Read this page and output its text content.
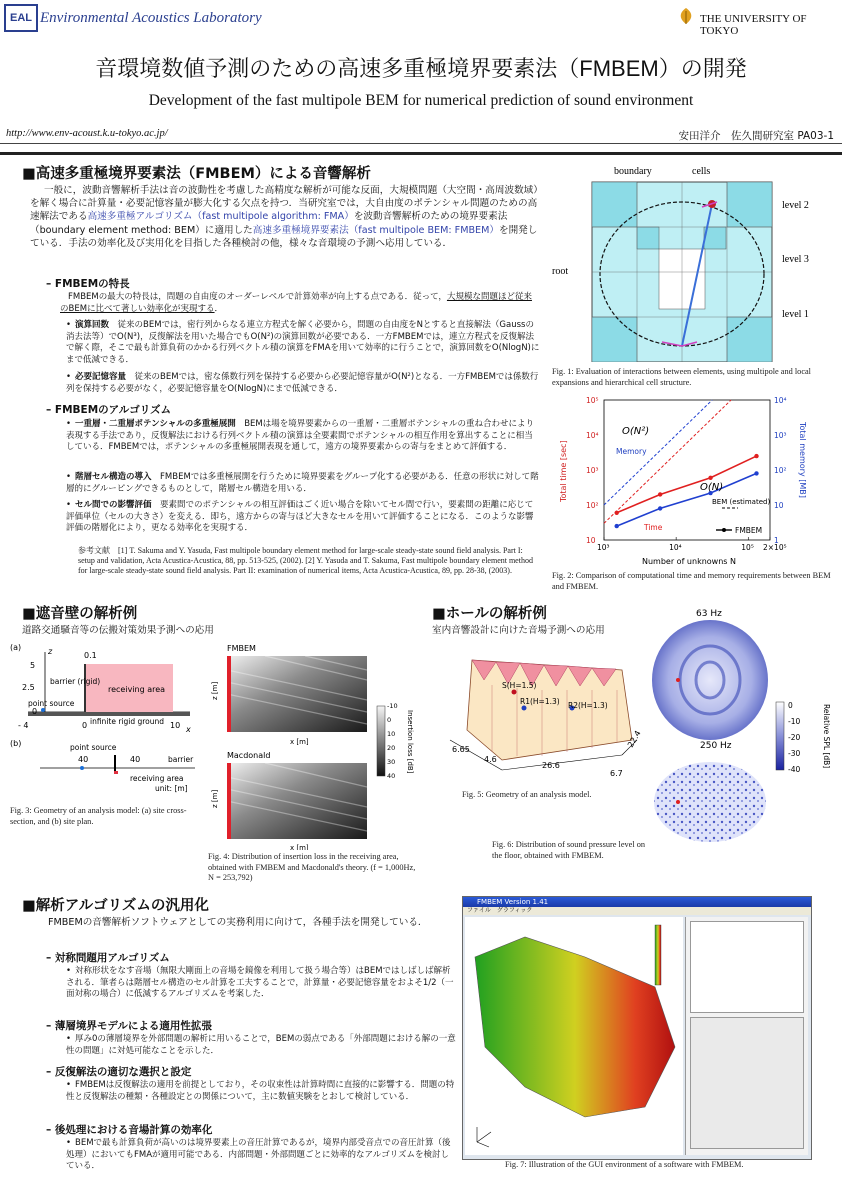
EAL Environmental Acoustics Laboratory	THE UNIVERSITY OF TOKYO
音環境数値予測のための高速多重極境界要素法（FMBEM）の開発
Development of the fast multipole BEM for numerical prediction of sound environment
http://www.env-acoust.k.u-tokyo.ac.jp/	安田洋介　佐久間研究室 PA03-1
■高速多重極境界要素法（FMBEM）による音響解析
一般に，波動音響解析手法は音の波動性を考慮した高精度な解析が可能な反面，大規模問題（大空間・高周波数域）を解く場合に計算量・必要記憶容量が膨大化する欠点を持つ．当研究室では，大自由度のポテンシャル問題のための高速解法である高速多重極アルゴリズム（fast multipole algorithm: FMA）を波動音響解析のための境界要素法（boundary element method: BEM）に適用した高速多重極境界要素法（fast multipole BEM: FMBEM）を開発している．手法の効率化及び実用化を目指した各種検討の他，様々な音環境の予測へ応用している．
– FMBEMの特長
FMBEMの最大の特長は，問題の自由度のオーダーレベルで計算効率が向上する点である．従って，大規模な問題ほど従来のBEMに比べて著しい効率化が実現する．
• 演算回数　 従来のBEMでは，密行列からなる連立方程式を解く必要から，問題の自由度をNとすると直接解法（Gaussの消去法等）でO(N³)，反復解法を用いた場合でもO(N²)の演算回数が必要である．一方FMBEMでは，連立方程式を反復解法で解く際，そこで最も計算負荷のかかる行列ベクトル積の演算をFMAを用いて効率的に行うことで，演算回数をO(NlogN)にまで低減できる．
• 必要記憶容量　 従来のBEMでは，密な係数行列を保持する必要から必要記憶容量がO(N²)となる．一方FMBEMでは係数行列を保持する必要がなく，必要記憶容量をO(NlogN)にまで低減できる．
– FMBEMのアルゴリズム
• 一重層・二重層ポテンシャルの多重極展開　 BEMは場を境界要素からの一重層・二重層ポテンシャルの重ね合わせにより表現する手法であり，反復解法における行列ベクトル積の演算は全要素間でポテンシャルの相互作用を算出することに相当している．FMBEMでは，ポテンシャルの多重極展開表現を通して，遠方の境界要素からの寄与をまとめて評価する．
• 階層セル構造の導入　 FMBEMでは多重極展開を行うために境界要素をグループ化する必要がある．任意の形状に対して階層的にグルーピングできるものとして，階層セル構造を用いる．
• セル間での影響評価　 要素間でのポテンシャルの相互評価はごく近い場合を除いてセル間で行い，要素間の距離に応じて評価単位（セルの大きさ）を変える．即ち，遠方からの寄与ほど大きなセルを用いて評価することになる．このような影響評価の階層化により，更なる効率化を実現する．
参考文献　[1] T. Sakuma and Y. Yasuda, Fast multipole boundary element method for large-scale steady-state sound field analysis. Part I: setup and validation, Acta Acustica-Acustica, 88, pp. 513-525, (2002). [2] Y. Yasuda and T. Sakuma, Fast multipole boundary element method for large-scale steady-state sound field analysis. Part II: examination of numerical items, Acta Acustica-Acustica, 89, pp. 28-38, (2003).
boundary	cells
root
level 2
level 3
level 1
Fig. 1: Evaluation of interactions between elements, using multipole and local expansions and hierarchical cell structure.
10³	10⁴	10⁵ 2×10⁵
10
10²
10³
10⁴
10⁵
1
10
10²
10³
10⁴
Total time [sec]	Total memory [MB]
Number of unknowns N
O(N²)
O(N)
Memory
Time
BEM (estimated)
FMBEM
Fig. 2: Comparison of computational time and memory requirements between BEM and FMBEM.
■遮音壁の解析例
道路交通騒音等の伝搬対策効果予測への応用
(a)	z
x
5
2.5
0
0.1
- 4	0	10
barrier (rigid)
receiving area
point source
infinite rigid ground
(b)	point source
40	40	barrier
receiving area
unit: [m]
Fig. 3: Geometry of an analysis model: (a) site cross-section, and (b) site plan.
FMBEM
z [m]
x [m]
Macdonald
z [m]
x [m]
-10
0
10
20
30
40
Insertion loss [dB]
Fig. 4: Distribution of insertion loss in the receiving area, obtained with FMBEM and Macdonald's theory. (f = 1,000Hz, N = 253,792)
■ホールの解析例
室内音響設計に向けた音場予測への応用
S(H=1.5)
R1(H=1.3) R2(H=1.3)
6.65
4.6
26.6
6.7
22.4
Fig. 5: Geometry of an analysis model.
63 Hz
250 Hz
0
-10
-20
-30
-40
Relative SPL [dB]
Fig. 6: Distribution of sound pressure level on the floor, obtained with FMBEM.
■解析アルゴリズムの汎用化
FMBEMの音響解析ソフトウェアとしての実務利用に向けて，各種手法を開発している．
– 対称問題用アルゴリズム
• 対称形状をなす音場（無限大剛面上の音場を鏡像を利用して扱う場合等）はBEMではしばしば解析される．筆者らは階層セル構造のセル計算を工夫することで，計算量・必要記憶容量をおよそ1/2（一面対称の場合）に低減するアルゴリズムを考案した．
– 薄層境界モデルによる適用性拡張
• 厚み0の薄層境界を外部問題の解析に用いることで，BEMの弱点である「外部問題における解の一意性の問題」に対処可能なことを示した．
– 反復解法の適切な選択と設定
• FMBEMは反復解法の適用を前提としており，その収束性は計算時間に直接的に影響する．問題の特性と反復解法の種類・各種設定との関係について，主に数値実験をとおして検討している．
– 後処理における音場計算の効率化
• BEMで最も計算負荷が高いのは境界要素上の音圧計算であるが，境界内部受音点での音圧計算（後処理）においてもFMAが適用可能である．内部問題・外部問題ごとに効率的なアルゴリズムを検討している．
FMBEM Version 1.41
ファイル　グラフィック
Fig. 7: Illustration of the GUI environment of a software with FMBEM.
